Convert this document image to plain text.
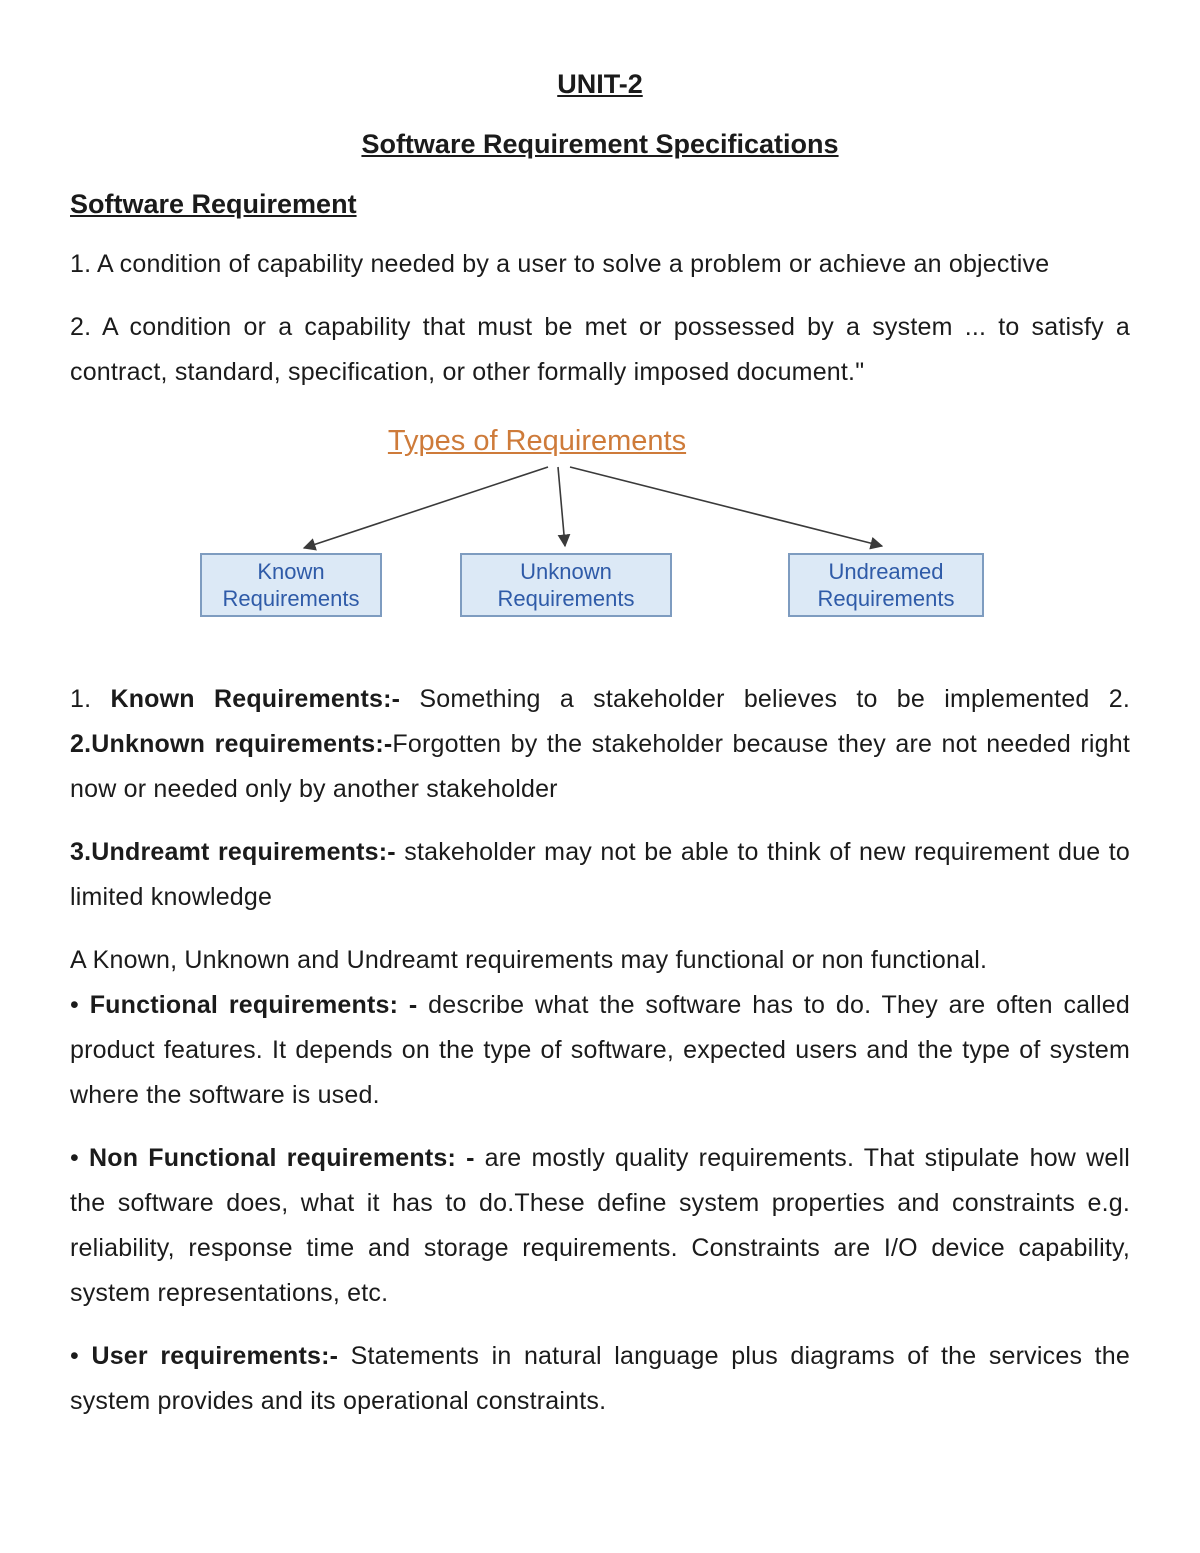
UNIT-2
Software Requirement Specifications
Software Requirement

1. A condition of capability needed by a user to solve a problem or achieve an objective

2. A condition or a capability that must be met or possessed by a system ... to satisfy a contract, standard, specification, or other formally imposed document."

Types of Requirements
Known Requirements
Unknown Requirements
Undreamed Requirements

1. Known Requirements:- Something a stakeholder believes to be implemented 2. 2.Unknown requirements:-Forgotten by the stakeholder because they are not needed right now or needed only by another stakeholder

3.Undreamt requirements:- stakeholder may not be able to think of new requirement due to limited knowledge

A Known, Unknown and Undreamt requirements may functional or non functional.

• Functional requirements: - describe what the software has to do. They are often called product features. It depends on the type of software, expected users and the type of system where the software is used.

• Non Functional requirements: - are mostly quality requirements. That stipulate how well the software does, what it has to do.These define system properties and constraints e.g. reliability, response time and storage requirements. Constraints are I/O device capability, system representations, etc.

• User requirements:- Statements in natural language plus diagrams of the services the system provides and its operational constraints.
